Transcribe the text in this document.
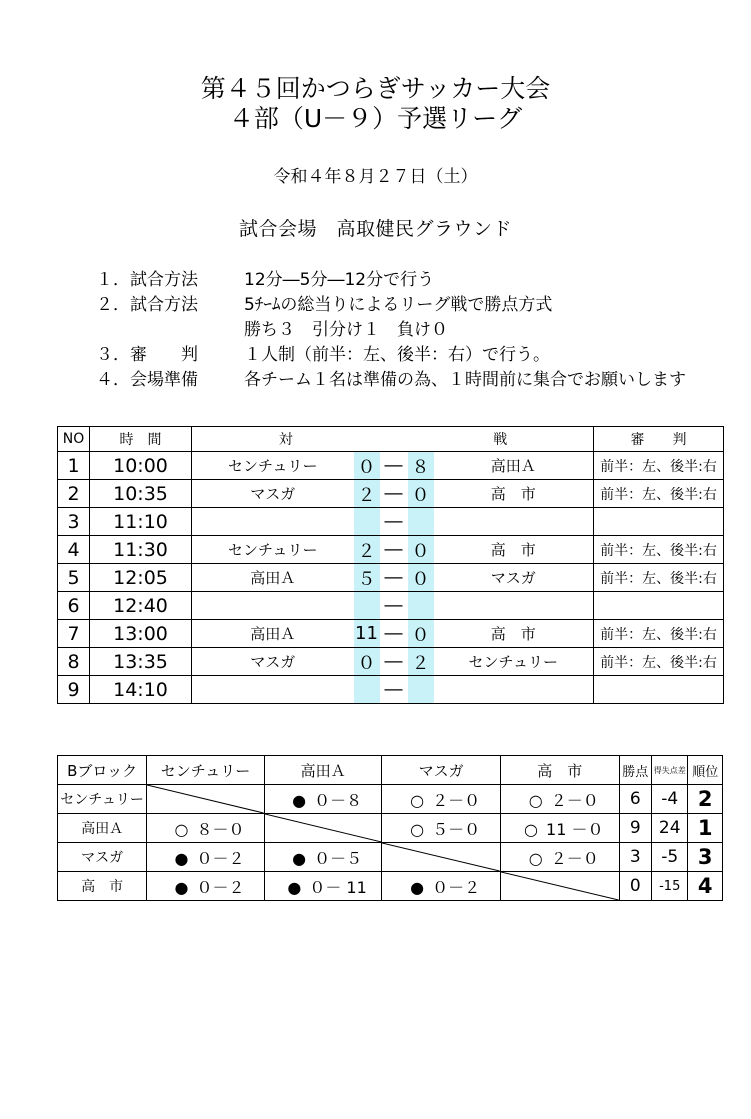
第４５回かつらぎサッカー大会
４部（U－９）予選リーグ
令和４年８月２７日（土）
試合会場　高取健民グラウンド
１．試合方法	12分―5分―12分で行う
２．試合方法	5ﾁｰﾑの総当りによるリーグ戦で勝点方式
勝ち３　引分け１　負け０
３．審　　判	１人制（前半：左、後半：右）で行う。
４．会場準備	各チーム１名は準備の為、１時間前に集合でお願いします
NO	時　間	対			戦		審　　判
1	10:00	センチュリー	０	―	８	高田Ａ	前半：左、後半:右
2	10:35	マスガ	２	―	０	高　市	前半：左、後半:右
3	11:10			―			
4	11:30	センチュリー	２	―	０	高　市	前半：左、後半:右
5	12:05	高田Ａ	５	―	０	マスガ	前半：左、後半:右
6	12:40			―			
7	13:00	高田Ａ	11	―	０	高　市	前半：左、後半:右
8	13:35	マスガ	０	―	２	センチュリー	前半：左、後半:右
9	14:10			―			
Bブロック	センチュリー	高田Ａ	マスガ	高　市	勝点	得失点差	順位
センチュリー		● ０－８	○ ２－０	○ ２－０	6	-4	2
高田Ａ	○ ８－０		○ ５－０	○ 11 －０	9	24	1
マスガ	● ０－２	● ０－５		○ ２－０	3	-5	3
高　市	● ０－２	● ０－ 11	● ０－２		0	-15	4
